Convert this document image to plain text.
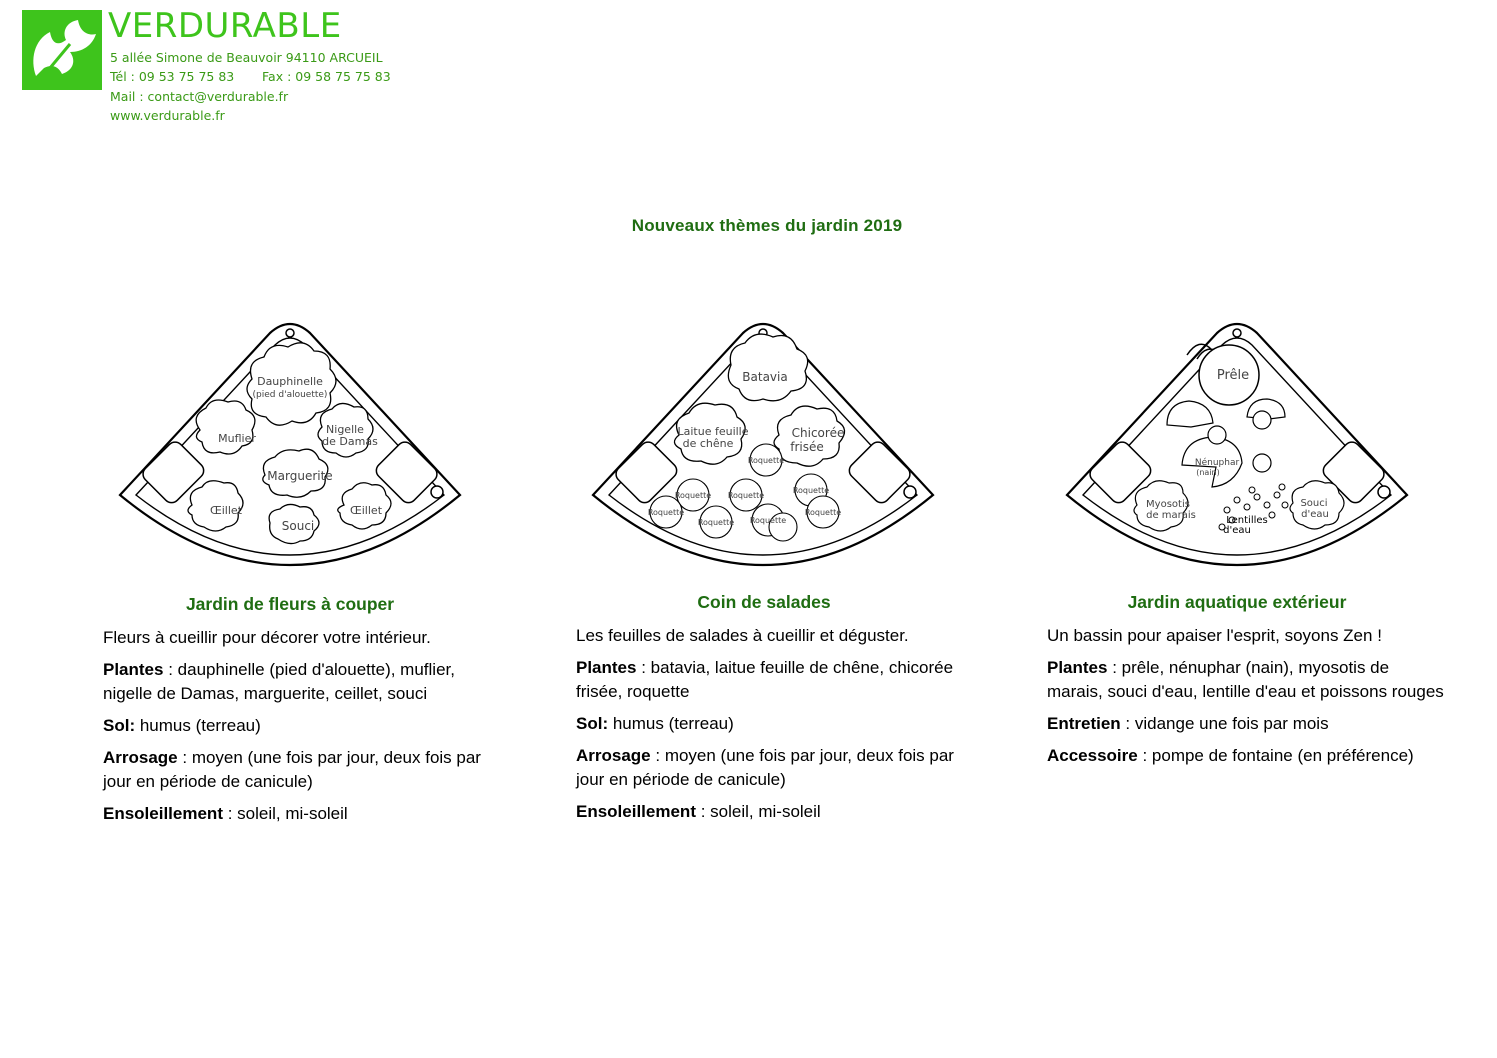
VERDURABLE
5 allée Simone de Beauvoir 94110 ARCUEIL
Tél : 09 53 75 75 83 Fax : 09 58 75 75 83
Mail : contact@verdurable.fr
www.verdurable.fr
Nouveaux thèmes du jardin 2019
Dauphinelle
(pied d'alouette)
Muflier
Nigelle
de Damas
Marguerite
Œillet
Souci
Œillet
Batavia
Laitue feuille
de chêne
Chicorée
frisée
Roquette
Roquette Roquette
Roquette
Roquette
Roquette Roquette
Roquette
Prêle
Nénuphar
(nain)
Myosotis
de marais	Lentilles
d'eau
Souci
d'eau
Jardin de fleurs à couper

Fleurs à cueillir pour décorer votre intérieur.

Plantes : dauphinelle (pied d'alouette), muflier, nigelle de Damas, marguerite, ceillet, souci

Sol: humus (terreau)

Arrosage : moyen (une fois par jour, deux fois par jour en période de canicule)

Ensoleillement : soleil, mi-soleil

Coin de salades

Les feuilles de salades à cueillir et déguster.

Plantes : batavia, laitue feuille de chêne, chicorée frisée, roquette

Sol: humus (terreau)

Arrosage : moyen (une fois par jour, deux fois par jour en période de canicule)

Ensoleillement : soleil, mi-soleil

Jardin aquatique extérieur

Un bassin pour apaiser l'esprit, soyons Zen !

Plantes : prêle, nénuphar (nain), myosotis de marais, souci d'eau, lentille d'eau et poissons rouges

Entretien : vidange une fois par mois

Accessoire : pompe de fontaine (en préférence)
